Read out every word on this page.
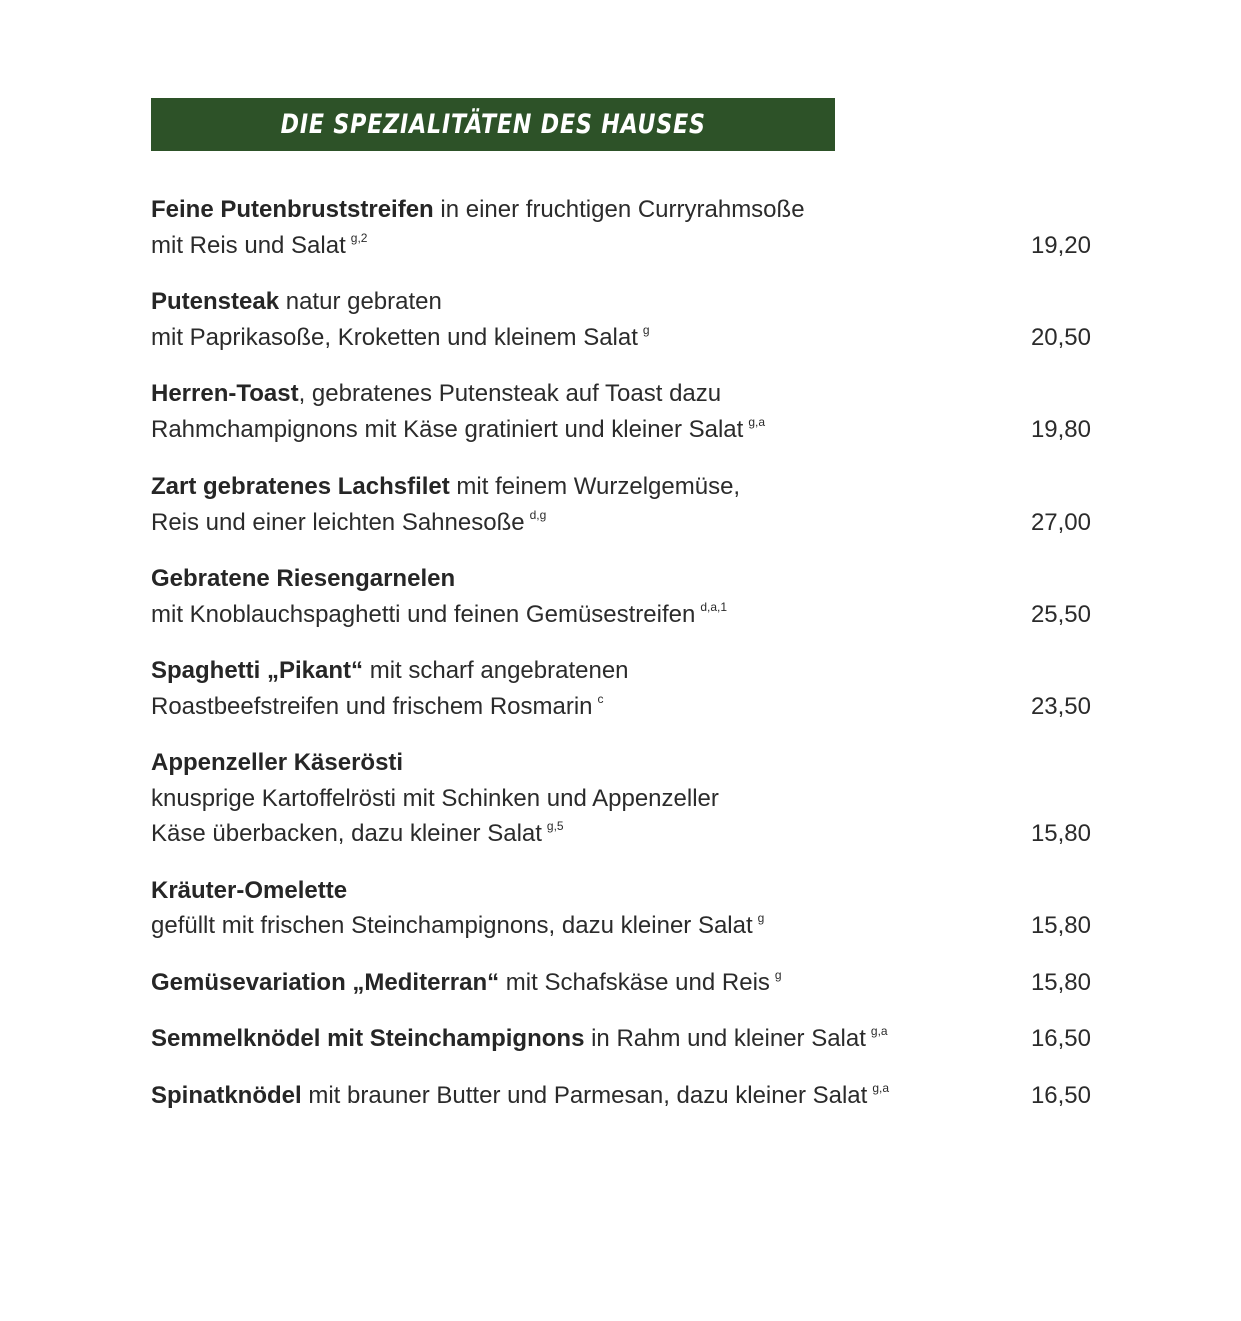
DIE SPEZIALITÄTEN DES HAUSES
Feine Putenbruststreifen in einer fruchtigen Curryrahmsoße
mit Reis und Salat $^{g,2}$	19,20
Putensteak natur gebraten
mit Paprikasoße, Kroketten und kleinem Salat $^g$	20,50
Herren-Toast, gebratenes Putensteak auf Toast dazu
Rahmchampignons mit Käse gratiniert und kleiner Salat $^{g,a}$	19,80
Zart gebratenes Lachsfilet mit feinem Wurzelgemüse,
Reis und einer leichten Sahnesoße $^{d,g}$	27,00
Gebratene Riesengarnelen
mit Knoblauchspaghetti und feinen Gemüsestreifen $^{d,a,1}$	25,50
Spaghetti „Pikant“ mit scharf angebratenen
Roastbeefstreifen und frischem Rosmarin $^c$	23,50
Appenzeller Käserösti
knusprige Kartoffelrösti mit Schinken und Appenzeller
Käse überbacken, dazu kleiner Salat $^{g,5}$	15,80
Kräuter-Omelette
gefüllt mit frischen Steinchampignons, dazu kleiner Salat $^g$	15,80
Gemüsevariation „Mediterran“ mit Schafskäse und Reis $^g$	15,80
Semmelknödel mit Steinchampignons in Rahm und kleiner Salat $^{g,a}$	16,50
Spinatknödel mit brauner Butter und Parmesan, dazu kleiner Salat $^{g,a}$	16,50
